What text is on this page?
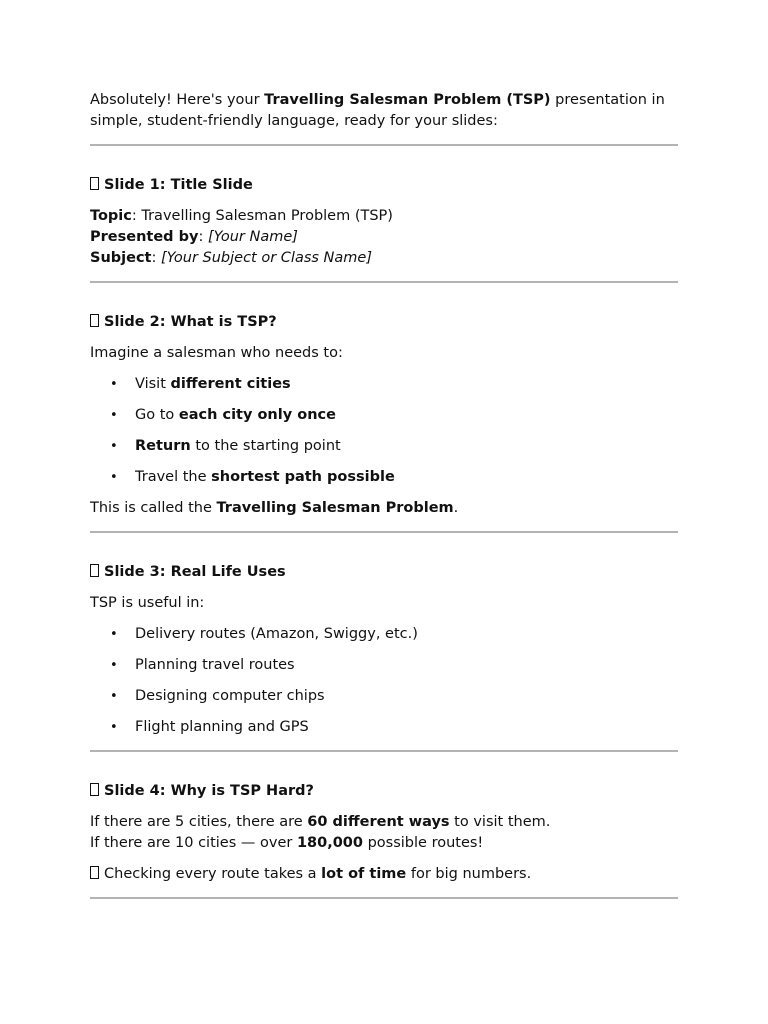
Absolutely! Here's your Travelling Salesman Problem (TSP) presentation in simple, student-friendly language, ready for your slides:

Slide 1: Title Slide

Topic: Travelling Salesman Problem (TSP)

Presented by: [Your Name]

Subject: [Your Subject or Class Name]

Slide 2: What is TSP?

Imagine a salesman who needs to:

• Visit different cities
• Go to each city only once
• Return to the starting point
• Travel the shortest path possible

This is called the Travelling Salesman Problem.

Slide 3: Real Life Uses

TSP is useful in:

• Delivery routes (Amazon, Swiggy, etc.)
• Planning travel routes
• Designing computer chips
• Flight planning and GPS

Slide 4: Why is TSP Hard?

If there are 5 cities, there are 60 different ways to visit them.

If there are 10 cities — over 180,000 possible routes!

Checking every route takes a lot of time for big numbers.
